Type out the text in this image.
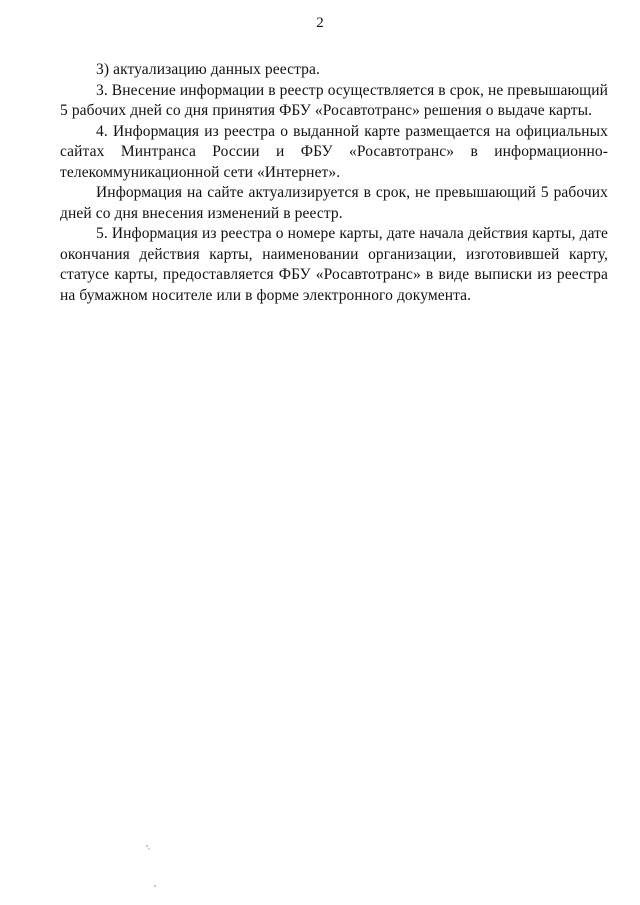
2

3) актуализацию данных реестра.

3. Внесение информации в реестр осуществляется в срок, не превышающий 5 рабочих дней со дня принятия ФБУ «Росавтотранс» решения о выдаче карты.

4. Информация из реестра о выданной карте размещается на официальных сайтах Минтранса России и ФБУ «Росавтотранс» в информационно-телекоммуникационной сети «Интернет».

Информация на сайте актуализируется в срок, не превышающий 5 рабочих дней со дня внесения изменений в реестр.

5. Информация из реестра о номере карты, дате начала действия карты, дате окончания действия карты, наименовании организации, изготовившей карту, статусе карты, предоставляется ФБУ «Росавтотранс» в виде выписки из реестра на бумажном носителе или в форме электронного документа.
